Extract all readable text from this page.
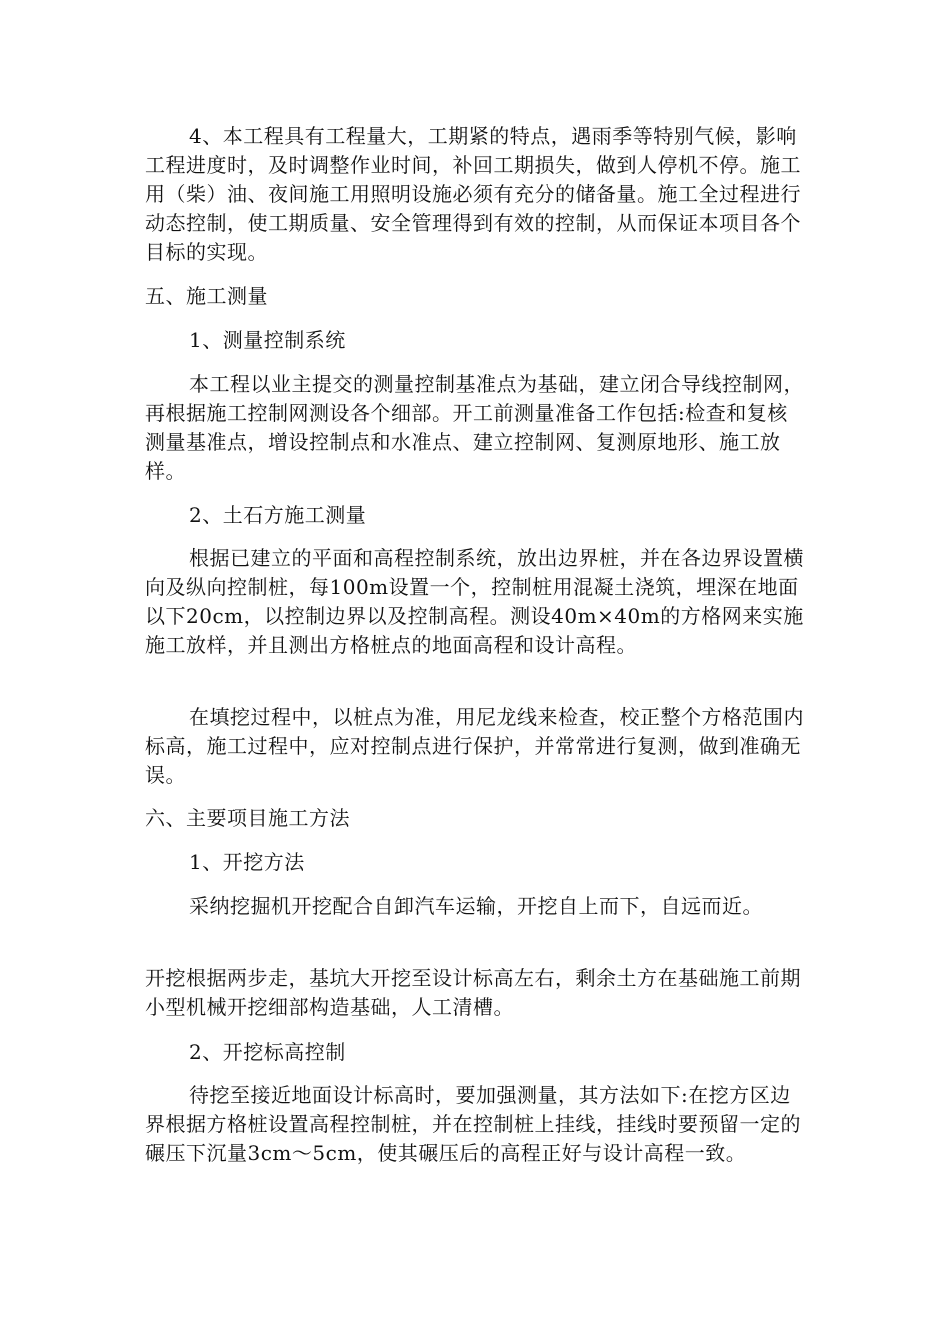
4、本工程具有工程量大，工期紧的特点，遇雨季等特别气候，影响工程进度时，及时调整作业时间，补回工期损失，做到人停机不停。施工用（柴）油、夜间施工用照明设施必须有充分的储备量。施工全过程进行动态控制，使工期质量、安全管理得到有效的控制，从而保证本项目各个目标的实现。

五、施工测量

1、测量控制系统

本工程以业主提交的测量控制基准点为基础，建立闭合导线控制网，再根据施工控制网测设各个细部。开工前测量准备工作包括:检查和复核测量基准点，增设控制点和水准点、建立控制网、复测原地形、施工放样。

2、土石方施工测量

根据已建立的平面和高程控制系统，放出边界桩，并在各边界设置横向及纵向控制桩，每100m设置一个，控制桩用混凝土浇筑，埋深在地面以下20cm，以控制边界以及控制高程。测设40m×40m的方格网来实施施工放样，并且测出方格桩点的地面高程和设计高程。

在填挖过程中，以桩点为准，用尼龙线来检查，校正整个方格范围内标高，施工过程中，应对控制点进行保护，并常常进行复测，做到准确无误。

六、主要项目施工方法

1、开挖方法

采纳挖掘机开挖配合自卸汽车运输，开挖自上而下，自远而近。

开挖根据两步走，基坑大开挖至设计标高左右，剩余土方在基础施工前期小型机械开挖细部构造基础，人工清槽。

2、开挖标高控制

待挖至接近地面设计标高时，要加强测量，其方法如下:在挖方区边界根据方格桩设置高程控制桩，并在控制桩上挂线，挂线时要预留一定的碾压下沉量3cm～5cm，使其碾压后的高程正好与设计高程一致。
